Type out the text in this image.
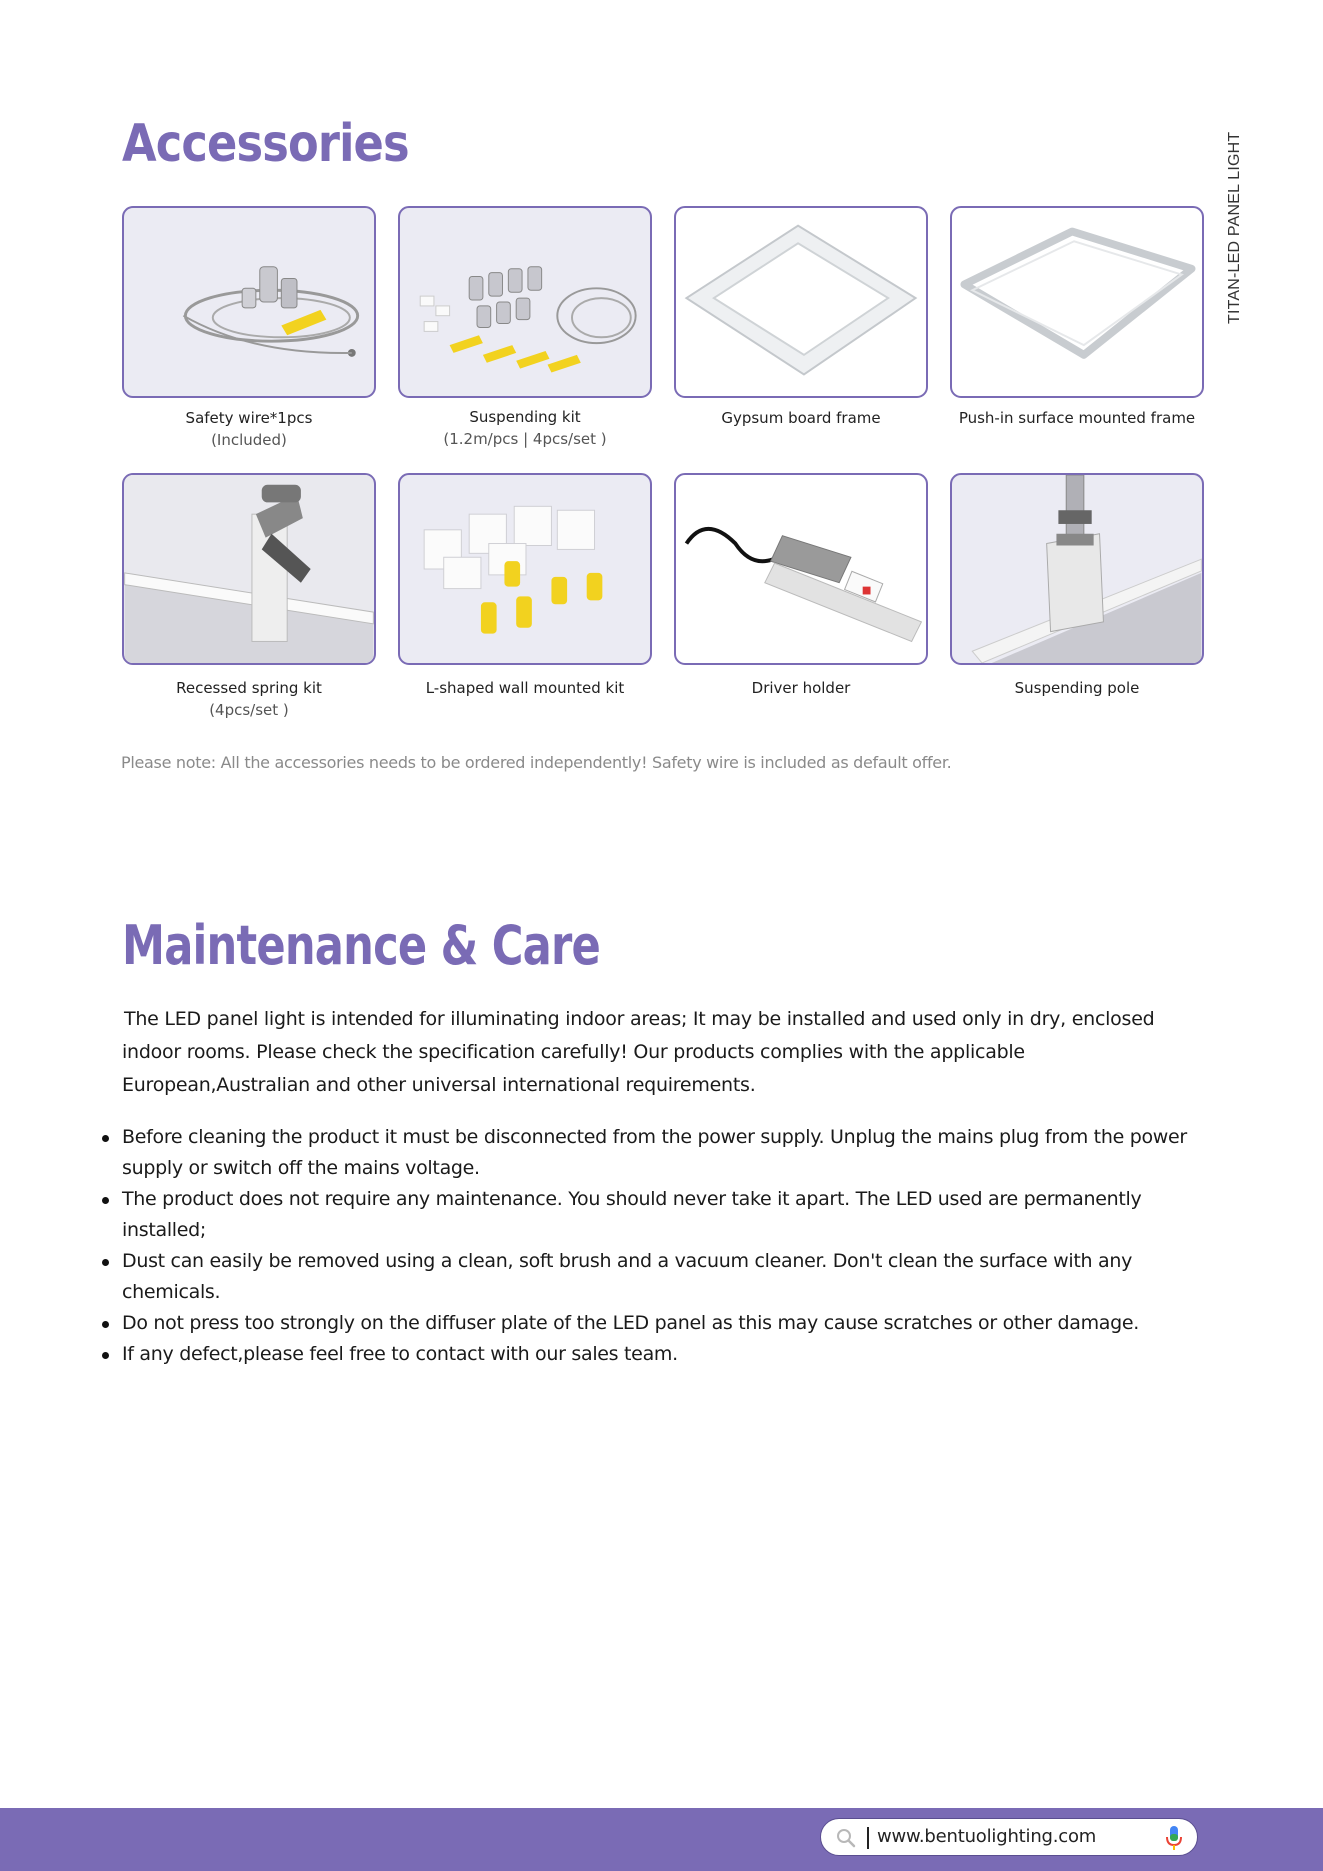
TITAN-LED PANEL LIGHT
Accessories
Safety wire*1pcs
(Included)
Suspending kit
(1.2m/pcs | 4pcs/set )
Gypsum board frame	Push-in surface mounted frame
Recessed spring kit
(4pcs/set )
L-shaped wall mounted kit	Driver holder	Suspending pole

Please note: All the accessories needs to be ordered independently! Safety wire is included as default offer.

Maintenance & Care

The LED panel light is intended for illuminating indoor areas; It may be installed and used only in dry, enclosed indoor rooms. Please check the specification carefully! Our products complies with the applicable European,Australian and other universal international requirements.

Before cleaning the product it must be disconnected from the power supply. Unplug the mains plug from the power supply or switch off the mains voltage.
The product does not require any maintenance. You should never take it apart. The LED used are permanently installed;
Dust can easily be removed using a clean, soft brush and a vacuum cleaner. Don't clean the surface with any chemicals.
Do not press too strongly on the diffuser plate of the LED panel as this may cause scratches or other damage.
If any defect,please feel free to contact with our sales team.
www.bentuolighting.com
